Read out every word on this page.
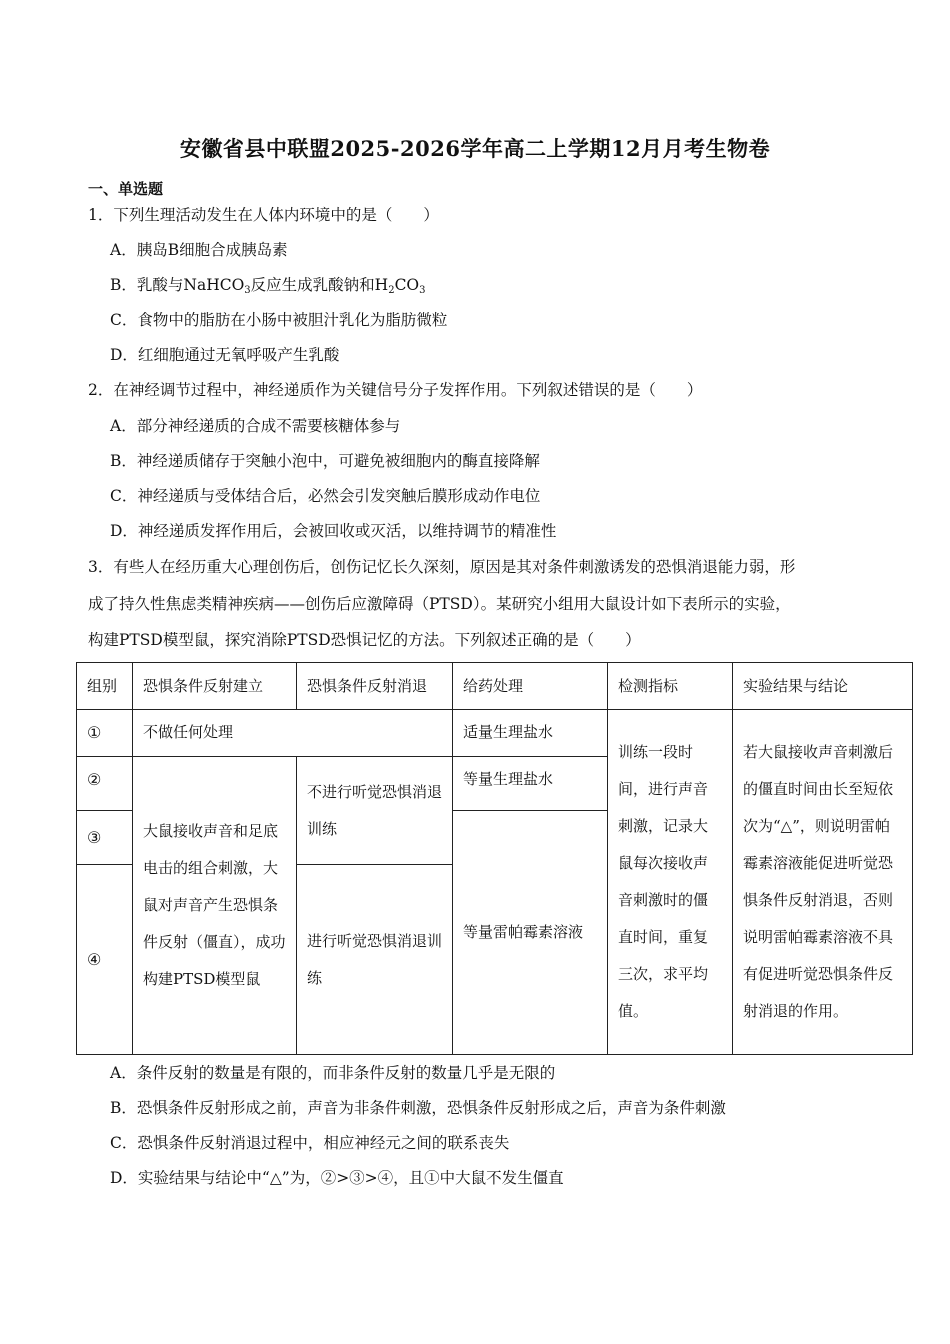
安徽省县中联盟2025-2026学年高二上学期12月月考生物卷
一、单选题
1．下列生理活动发生在人体内环境中的是（　　）
A．胰岛B细胞合成胰岛素
B．乳酸与NaHCO$_3$反应生成乳酸钠和$H_2CO_3$
C．食物中的脂肪在小肠中被胆汁乳化为脂肪微粒
D．红细胞通过无氧呼吸产生乳酸
2．在神经调节过程中，神经递质作为关键信号分子发挥作用。下列叙述错误的是（　　）
A．部分神经递质的合成不需要核糖体参与
B．神经递质储存于突触小泡中，可避免被细胞内的酶直接降解
C．神经递质与受体结合后，必然会引发突触后膜形成动作电位
D．神经递质发挥作用后，会被回收或灭活，以维持调节的精准性
3．有些人在经历重大心理创伤后，创伤记忆长久深刻，原因是其对条件刺激诱发的恐惧消退能力弱，形
成了持久性焦虑类精神疾病——创伤后应激障碍（PTSD）。某研究小组用大鼠设计如下表所示的实验，
构建PTSD模型鼠，探究消除PTSD恐惧记忆的方法。下列叙述正确的是（　　）
组别	恐惧条件反射建立	恐惧条件反射消退	给药处理	检测指标	实验结果与结论
①	不做任何处理		适量生理盐水	训练一段时间，进行声音刺激，记录大鼠每次接收声音刺激时的僵直时间，重复三次，求平均值。	若大鼠接收声音刺激后的僵直时间由长至短依次为“△”，则说明雷帕霉素溶液能促进听觉恐惧条件反射消退，否则说明雷帕霉素溶液不具有促进听觉恐惧条件反射消退的作用。
②	大鼠接收声音和足底电击的组合刺激，大鼠对声音产生恐惧条件反射（僵直），成功构建PTSD模型鼠	不进行听觉恐惧消退训练	等量生理盐水		
③			等量雷帕霉素溶液		
④		进行听觉恐惧消退训练			
A．条件反射的数量是有限的，而非条件反射的数量几乎是无限的
B．恐惧条件反射形成之前，声音为非条件刺激，恐惧条件反射形成之后，声音为条件刺激
C．恐惧条件反射消退过程中，相应神经元之间的联系丧失
D．实验结果与结论中“△”为，②>③>④，且①中大鼠不发生僵直
